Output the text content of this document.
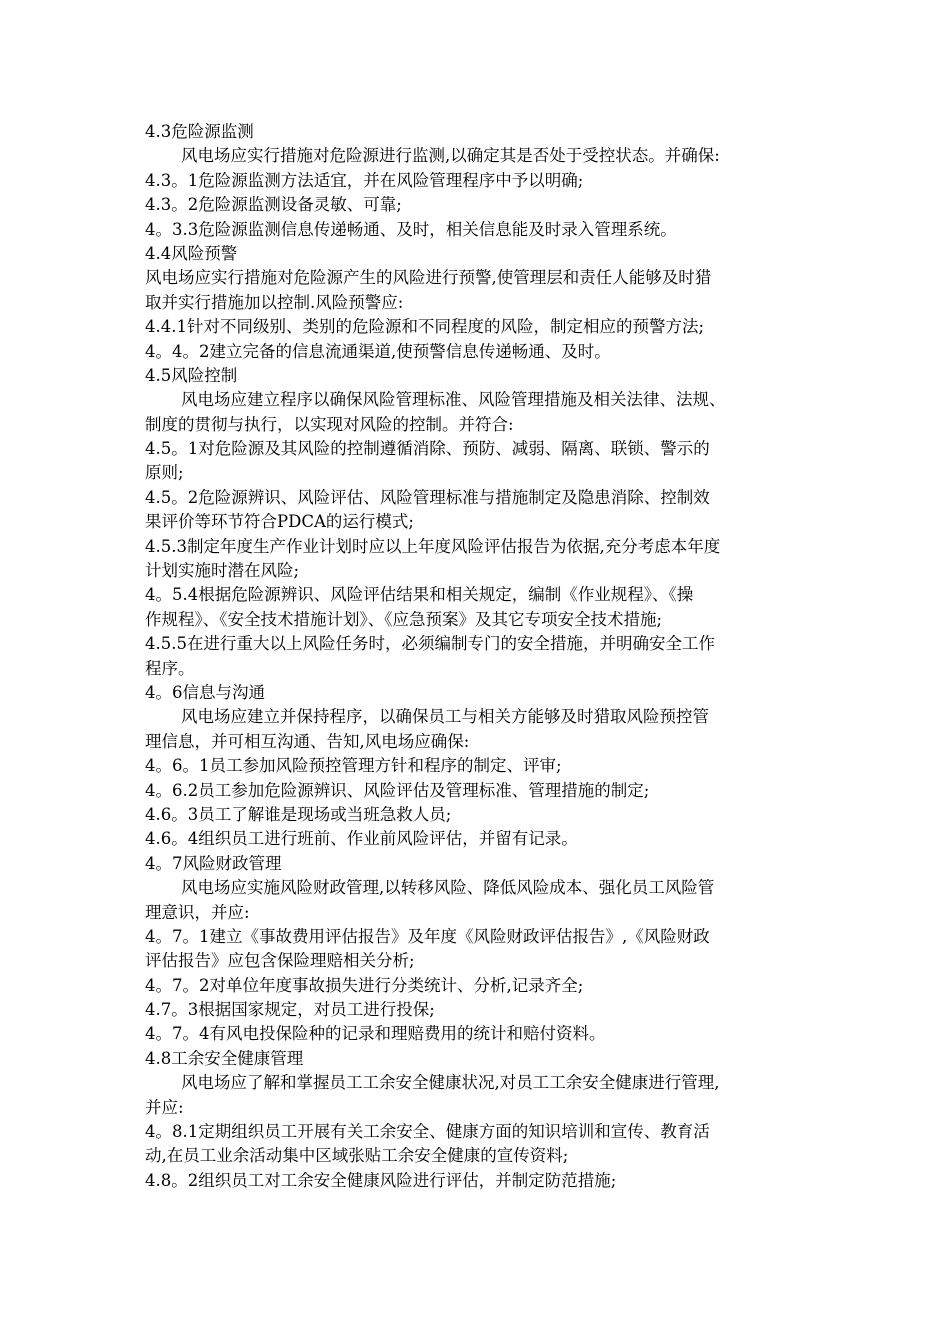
4.3危险源监测
风电场应实行措施对危险源进行监测,以确定其是否处于受控状态。并确保:
4.3。1危险源监测方法适宜，并在风险管理程序中予以明确;
4.3。2危险源监测设备灵敏、可靠;
4。3.3危险源监测信息传递畅通、及时，相关信息能及时录入管理系统。
4.4风险预警
风电场应实行措施对危险源产生的风险进行预警,使管理层和责任人能够及时猎
取并实行措施加以控制.风险预警应:
4.4.1针对不同级别、类别的危险源和不同程度的风险，制定相应的预警方法;
4。4。2建立完备的信息流通渠道,使预警信息传递畅通、及时。
4.5风险控制
风电场应建立程序以确保风险管理标准、风险管理措施及相关法律、法规、
制度的贯彻与执行，以实现对风险的控制。并符合:
4.5。1对危险源及其风险的控制遵循消除、预防、减弱、隔离、联锁、警示的
原则;
4.5。2危险源辨识、风险评估、风险管理标准与措施制定及隐患消除、控制效
果评价等环节符合PDCA的运行模式;
4.5.3制定年度生产作业计划时应以上年度风险评估报告为依据,充分考虑本年度
计划实施时潜在风险;
4。5.4根据危险源辨识、风险评估结果和相关规定，编制《作业规程》、《操
作规程》、《安全技术措施计划》、《应急预案》及其它专项安全技术措施;
4.5.5在进行重大以上风险任务时，必须编制专门的安全措施，并明确安全工作
程序。
4。6信息与沟通
风电场应建立并保持程序，以确保员工与相关方能够及时猎取风险预控管
理信息，并可相互沟通、告知,风电场应确保:
4。6。1员工参加风险预控管理方针和程序的制定、评审;
4。6.2员工参加危险源辨识、风险评估及管理标准、管理措施的制定;
4.6。3员工了解谁是现场或当班急救人员;
4.6。4组织员工进行班前、作业前风险评估，并留有记录。
4。7风险财政管理
风电场应实施风险财政管理,以转移风险、降低风险成本、强化员工风险管
理意识，并应:
4。7。1建立《事故费用评估报告》及年度《风险财政评估报告》,《风险财政
评估报告》应包含保险理赔相关分析;
4。7。2对单位年度事故损失进行分类统计、分析,记录齐全;
4.7。3根据国家规定，对员工进行投保;
4。7。4有风电投保险种的记录和理赔费用的统计和赔付资料。
4.8工余安全健康管理
风电场应了解和掌握员工工余安全健康状况,对员工工余安全健康进行管理,
并应:
4。8.1定期组织员工开展有关工余安全、健康方面的知识培训和宣传、教育活
动,在员工业余活动集中区域张贴工余安全健康的宣传资料;
4.8。2组织员工对工余安全健康风险进行评估，并制定防范措施;
